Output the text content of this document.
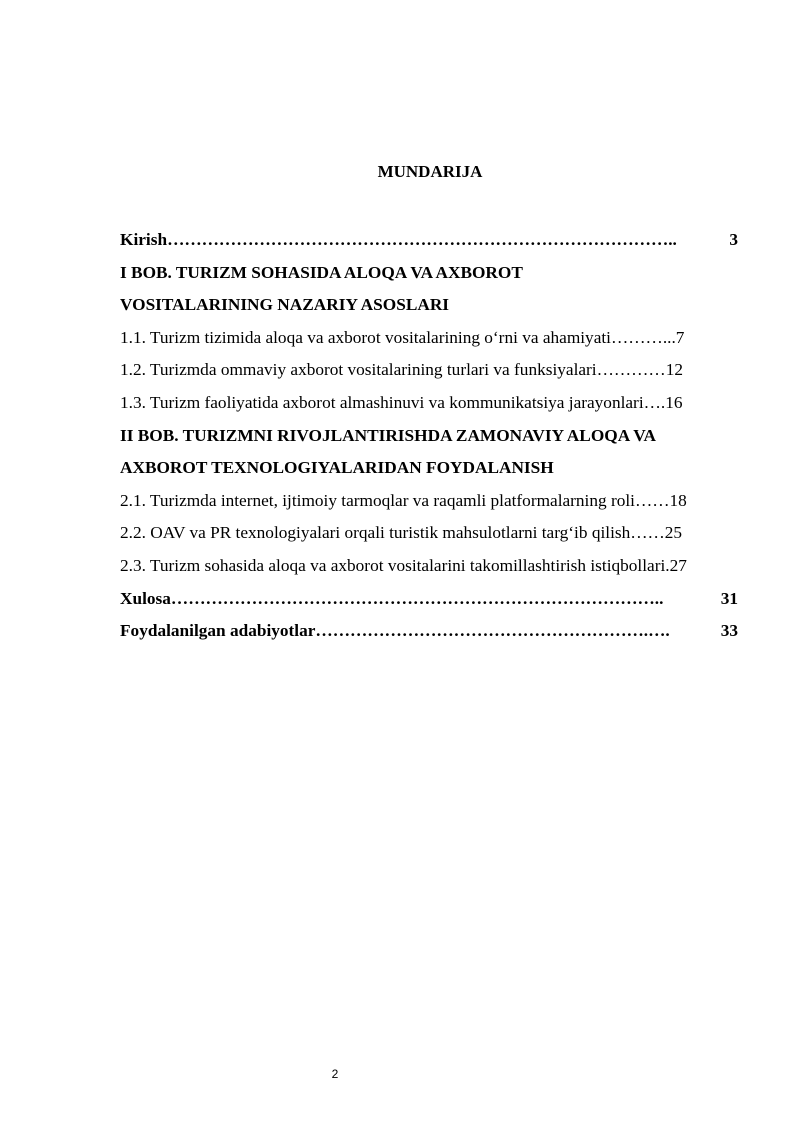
MUNDARIJA
Kirish ……………………………………………………………………………..	3
I BOB. TURIZM SOHASIDA ALOQA VA AXBOROT
VOSITALARINING NAZARIY ASOSLARI
1.1. Turizm tizimida aloqa va axborot vositalarining o‘rni va ahamiyati………...7
1.2. Turizmda ommaviy axborot vositalarining turlari va funksiyalari…………12
1.3. Turizm faoliyatida axborot almashinuvi va kommunikatsiya jarayonlari….16
II BOB. TURIZMNI RIVOJLANTIRISHDA ZAMONAVIY ALOQA VA
AXBOROT TEXNOLOGIYALARIDAN FOYDALANISH
2.1. Turizmda internet, ijtimoiy tarmoqlar va raqamli platformalarning roli……18
2.2. OAV va PR texnologiyalari orqali turistik mahsulotlarni targ‘ib qilish……25
2.3. Turizm sohasida aloqa va axborot vositalarini takomillashtirish istiqbollari.27
Xulosa …………………………………………………………………………..	31
Foydalanilgan adabiyotlar ………………………………………………….….	33
2
